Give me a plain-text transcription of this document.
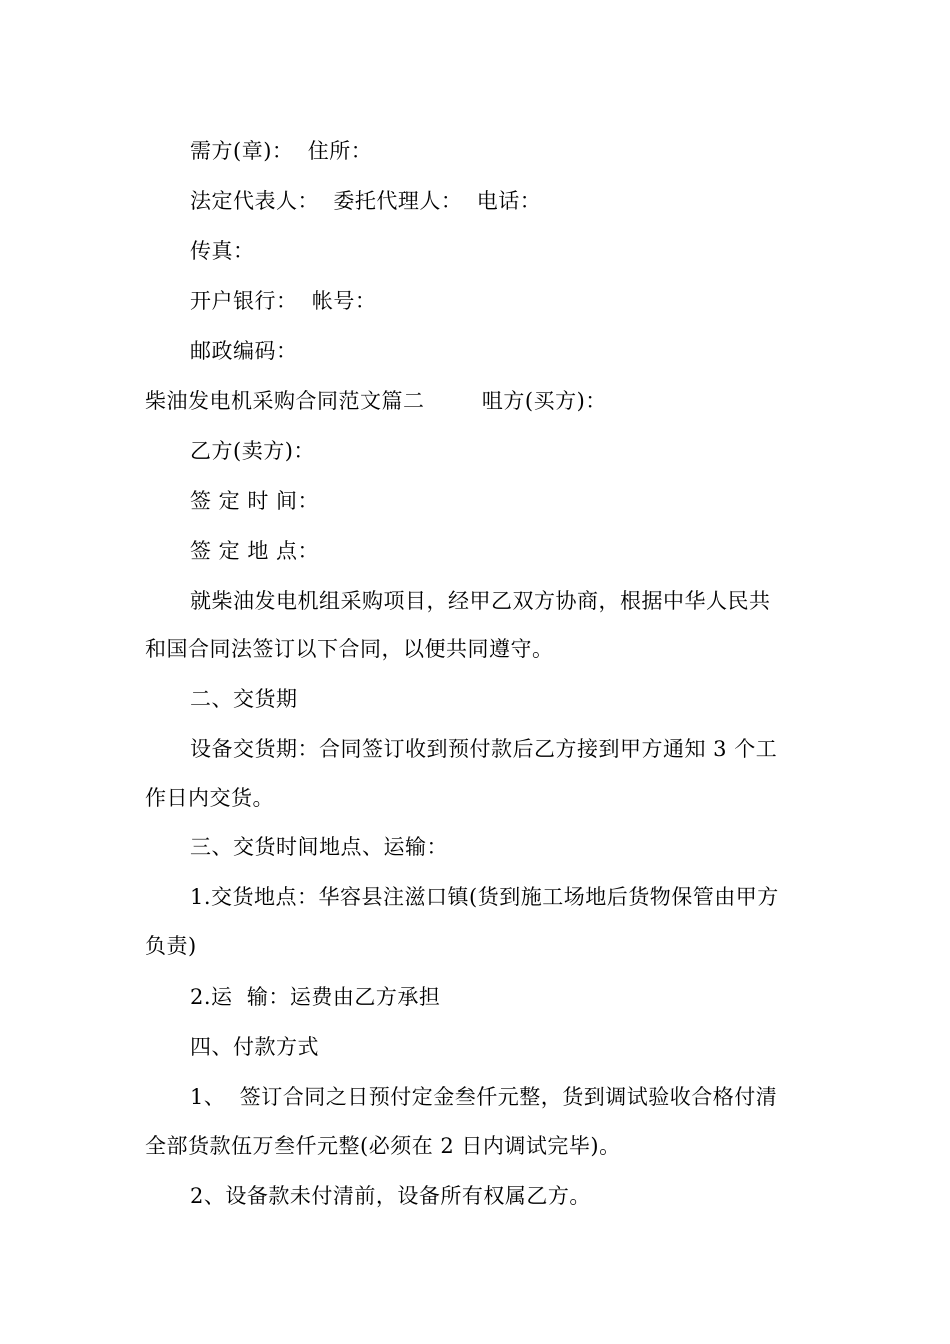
需方(章)：  住所：
法定代表人：  委托代理人：  电话：
传真：
开户银行：  帐号：
邮政编码：
柴油发电机采购合同范文篇二        咀方(买方)：
乙方(卖方)：
签 定 时 间：
签 定 地 点：
就柴油发电机组采购项目，经甲乙双方协商，根据中华人民共
和国合同法签订以下合同，以便共同遵守。
二、交货期
设备交货期：合同签订收到预付款后乙方接到甲方通知 3 个工
作日内交货。
三、交货时间地点、运输：
1.交货地点：华容县注滋口镇(货到施工场地后货物保管由甲方
负责)
2.运  输：运费由乙方承担
四、付款方式
1、  签订合同之日预付定金叁仟元整，货到调试验收合格付清
全部货款伍万叁仟元整(必须在 2 日内调试完毕)。
2、设备款未付清前，设备所有权属乙方。
